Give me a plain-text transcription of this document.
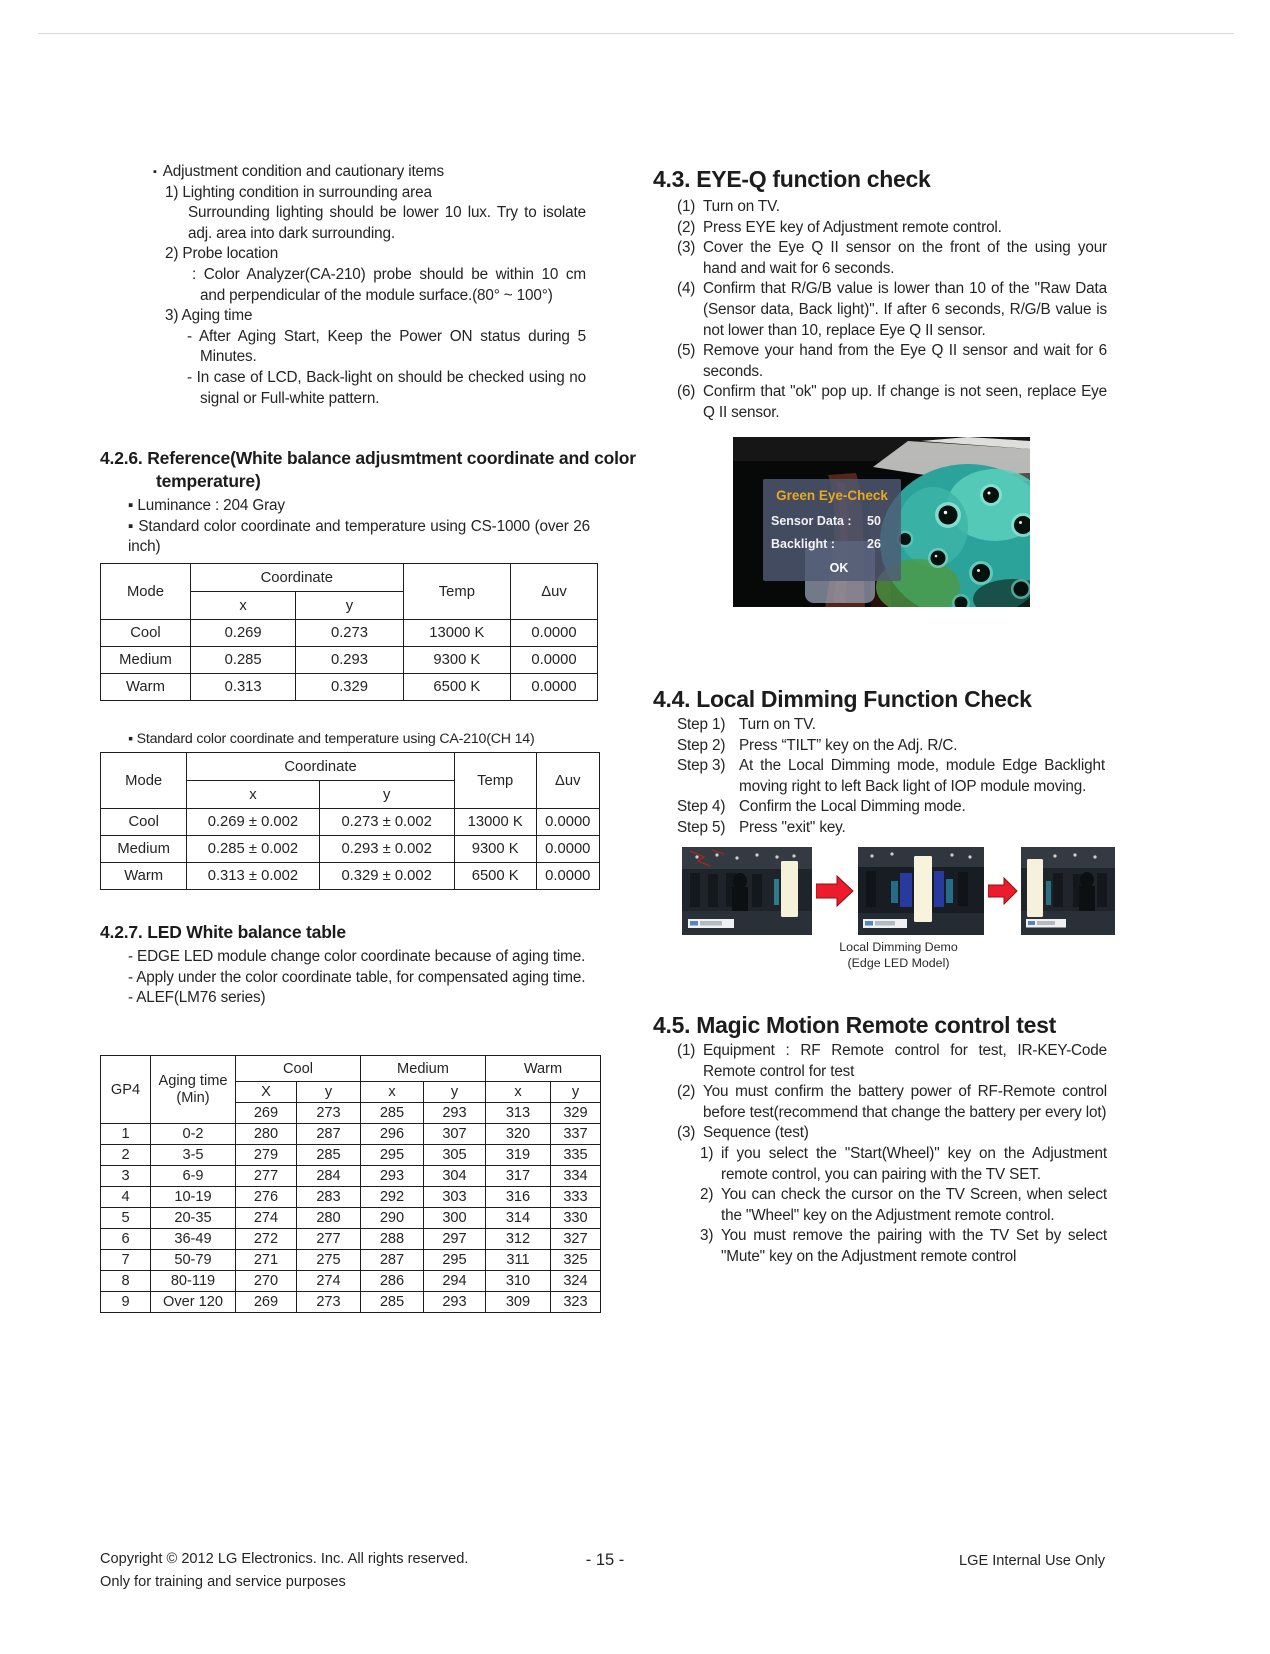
▪ Adjustment condition and cautionary items
1) Lighting condition in surrounding area
Surrounding lighting should be lower 10 lux. Try to isolate adj. area into dark surrounding.
2) Probe location
: Color Analyzer(CA-210) probe should be within 10 cm and perpendicular of the module surface.(80° ~ 100°)
3) Aging time
- After Aging Start, Keep the Power ON status during 5 Minutes.
- In case of LCD, Back-light on should be checked using no signal or Full-white pattern.
4.2.6. Reference(White balance adjusmtment coordinate and color temperature)
▪ Luminance : 204 Gray
▪ Standard color coordinate and temperature using CS-1000 (over 26 inch)
Mode	Coordinate		Temp	Δuv
	x	y		
Cool	0.269	0.273	13000 K	0.0000
Medium	0.285	0.293	9300 K	0.0000
Warm	0.313	0.329	6500 K	0.0000
▪ Standard color coordinate and temperature using CA-210(CH 14)
Mode	Coordinate		Temp	Δuv
	x	y		
Cool	0.269 ± 0.002	0.273 ± 0.002	13000 K	0.0000
Medium	0.285 ± 0.002	0.293 ± 0.002	9300 K	0.0000
Warm	0.313 ± 0.002	0.329 ± 0.002	6500 K	0.0000
4.2.7. LED White balance table
- EDGE LED module change color coordinate because of aging time.
- Apply under the color coordinate table, for compensated aging time.
- ALEF(LM76 series)
GP4	Aging time (Min)	Cool		Medium		Warm	
		X	y	x	y	x	y
		269	273	285	293	313	329
1	0-2	280	287	296	307	320	337
2	3-5	279	285	295	305	319	335
3	6-9	277	284	293	304	317	334
4	10-19	276	283	292	303	316	333
5	20-35	274	280	290	300	314	330
6	36-49	272	277	288	297	312	327
7	50-79	271	275	287	295	311	325
8	80-119	270	274	286	294	310	324
9	Over 120	269	273	285	293	309	323
4.3. EYE-Q function check
(1) Turn on TV.
(2) Press EYE key of Adjustment remote control.
(3) Cover the Eye Q II sensor on the front of the using your hand and wait for 6 seconds.
(4) Confirm that R/G/B value is lower than 10 of the "Raw Data (Sensor data, Back light)". If after 6 seconds, R/G/B value is not lower than 10, replace Eye Q II sensor.
(5) Remove your hand from the Eye Q II sensor and wait for 6 seconds.
(6) Confirm that "ok" pop up. If change is not seen, replace Eye Q II sensor.
Green Eye-Check
Sensor Data : 50
Backlight :	26
OK
4.4. Local Dimming Function Check
Step 1) Turn on TV.
Step 2) Press “TILT” key on the Adj. R/C.
Step 3) At the Local Dimming mode, module Edge Backlight moving right to left Back light of IOP module moving.
Step 4) Confirm the Local Dimming mode.
Step 5) Press "exit" key.
Local Dimming Demo
(Edge LED Model)
4.5. Magic Motion Remote control test
(1) Equipment : RF Remote control for test, IR-KEY-Code Remote control for test
(2) You must confirm the battery power of RF-Remote control before test(recommend that change the battery per every lot)
(3) Sequence (test)
1) if you select the "Start(Wheel)" key on the Adjustment remote control, you can pairing with the TV SET.
2) You can check the cursor on the TV Screen, when select the "Wheel" key on the Adjustment remote control.
3) You must remove the pairing with the TV Set by select "Mute" key on the Adjustment remote control
Copyright © 2012 LG Electronics. Inc. All rights reserved.
Only for training and service purposes
- 15 -	LGE Internal Use Only
